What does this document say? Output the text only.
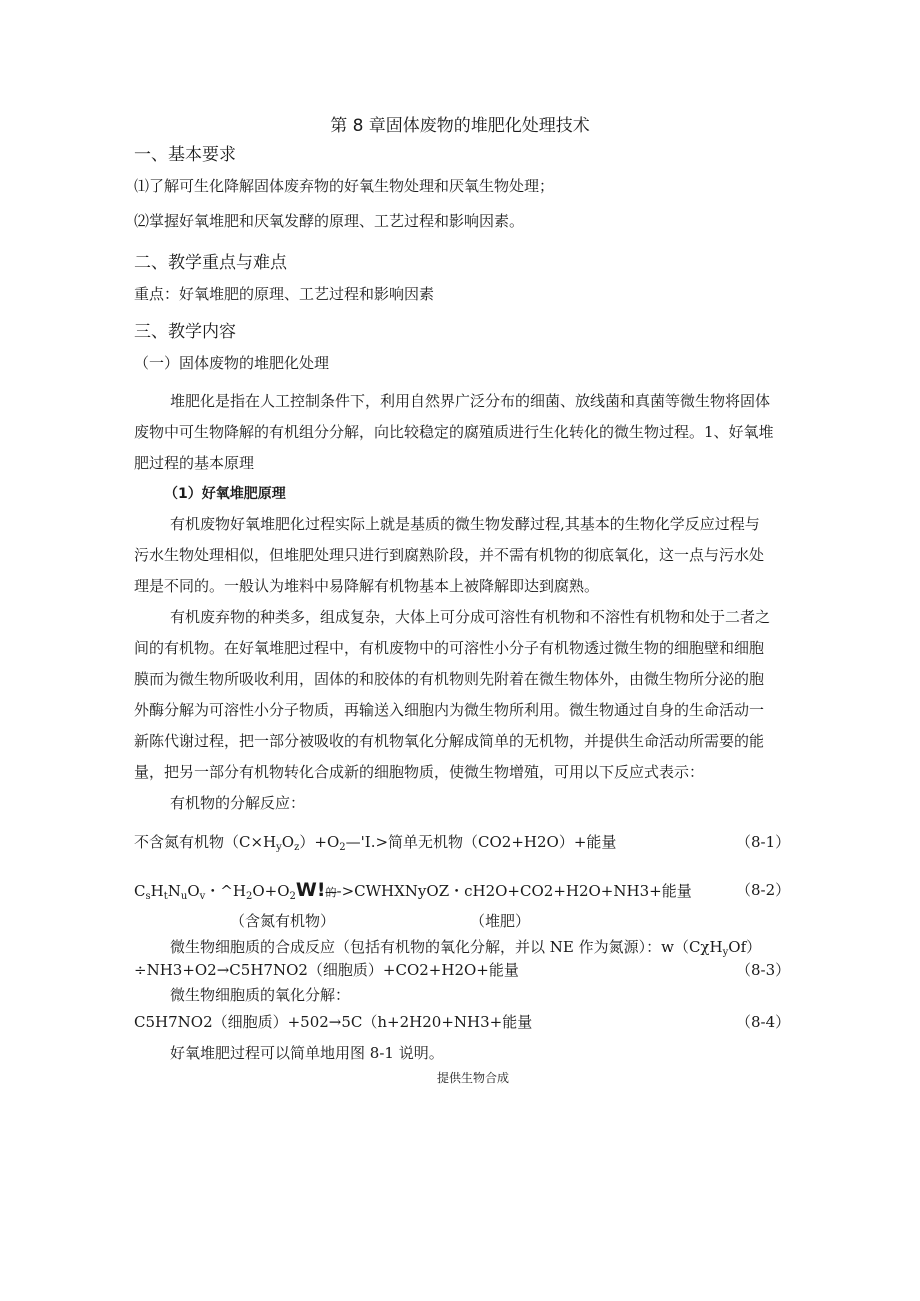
第 8 章固体废物的堆肥化处理技术
一、基本要求
⑴了解可生化降解固体废弃物的好氧生物处理和厌氧生物处理；
⑵掌握好氧堆肥和厌氧发酵的原理、工艺过程和影响因素。
二、教学重点与难点
重点：好氧堆肥的原理、工艺过程和影响因素
三、教学内容
（一）固体废物的堆肥化处理
堆肥化是指在人工控制条件下，利用自然界广泛分布的细菌、放线菌和真菌等微生物将固体
废物中可生物降解的有机组分分解，向比较稳定的腐殖质进行生化转化的微生物过程。1、好氧堆
肥过程的基本原理
（1）好氧堆肥原理
有机废物好氧堆肥化过程实际上就是基质的微生物发酵过程,其基本的生物化学反应过程与
污水生物处理相似，但堆肥处理只进行到腐熟阶段，并不需有机物的彻底氧化，这一点与污水处
理是不同的。一般认为堆料中易降解有机物基本上被降解即达到腐熟。
有机废弃物的种类多，组成复杂，大体上可分成可溶性有机物和不溶性有机物和处于二者之
间的有机物。在好氧堆肥过程中，有机废物中的可溶性小分子有机物透过微生物的细胞壁和细胞
膜而为微生物所吸收利用，固体的和胶体的有机物则先附着在微生物体外，由微生物所分泌的胞
外酶分解为可溶性小分子物质，再输送入细胞内为微生物所利用。微生物通过自身的生命活动一
新陈代谢过程，把一部分被吸收的有机物氧化分解成简单的无机物，并提供生命活动所需要的能
量，把另一部分有机物转化合成新的细胞物质，使微生物增殖，可用以下反应式表示：
有机物的分解反应：
不含氮有机物$(C\times H_yO_z)+O_2—'I.>$简单无机物（CO2+H2O）+能量	（8-1）
$C_sH_tN_uO_v$・$\^{}H_2O+O_2W$!的->CWHXNyOZ・cH2O+CO2+H2O+NH3+能量	（8-2）
（含氮有机物）	（堆肥）
微生物细胞质的合成反应（包括有机物的氧化分解，并以 NE 作为氮源）：w（CχH$_y$Of）
÷NH3+O2→C5H7NO2（细胞质）+CO2+H2O+能量	（8-3）
微生物细胞质的氧化分解：
C5H7NO2（细胞质）+502→5C（h+2H20+NH3+能量	（8-4）
好氧堆肥过程可以简单地用图 8-1 说明。
提供生物合成
